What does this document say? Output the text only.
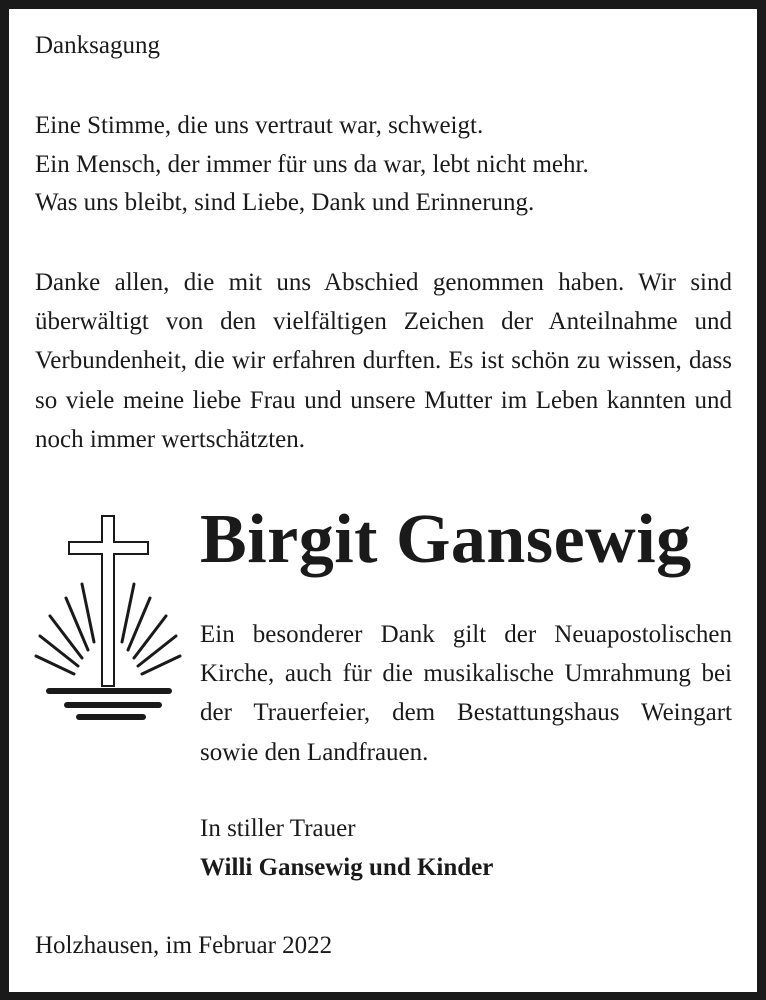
Danksagung

Eine Stimme, die uns vertraut war, schweigt.
Ein Mensch, der immer für uns da war, lebt nicht mehr.
Was uns bleibt, sind Liebe, Dank und Erinnerung.

Danke allen, die mit uns Abschied genommen haben. Wir sind überwältigt von den vielfältigen Zeichen der Anteilnahme und Verbundenheit, die wir erfahren durften. Es ist schön zu wissen, dass so viele meine liebe Frau und unsere Mutter im Leben kannten und noch immer wertschätzten.

Birgit Gansewig

Ein besonderer Dank gilt der Neuapostolischen Kirche, auch für die musikalische Umrahmung bei der Trauerfeier, dem Bestattungshaus Weingart sowie den Landfrauen.

In stiller Trauer

Willi Gansewig und Kinder

Holzhausen, im Februar 2022
